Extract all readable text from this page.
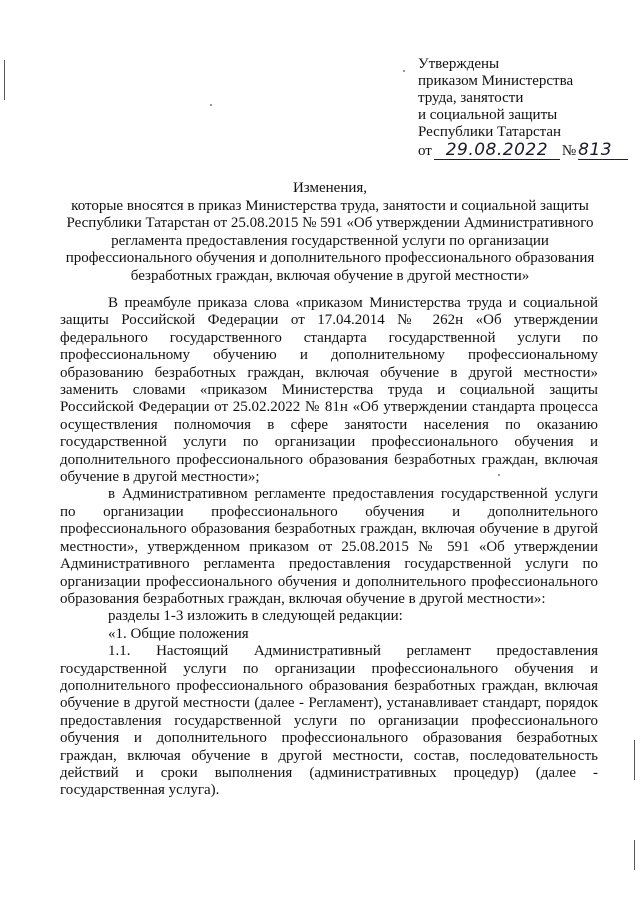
Утверждены
приказом Министерства
труда, занятости
и социальной защиты
Республики Татарстан
от 29.08.2022 № 813
Изменения,
которые вносятся в приказ Министерства труда, занятости и социальной защиты
Республики Татарстан от 25.08.2015 № 591 «Об утверждении Административного
регламента предоставления государственной услуги по организации
профессионального обучения и дополнительного профессионального образования
безработных граждан, включая обучение в другой местности»

В преамбуле приказа слова «приказом Министерства труда и социальной защиты Российской Федерации от 17.04.2014 № 262н «Об утверждении федерального государственного стандарта государственной услуги по профессиональному обучению и дополнительному профессиональному образованию безработных граждан, включая обучение в другой местности» заменить словами «приказом Министерства труда и социальной защиты Российской Федерации от 25.02.2022 № 81н «Об утверждении стандарта процесса осуществления полномочия в сфере занятости населения по оказанию государственной услуги по организации профессионального обучения и дополнительного профессионального образования безработных граждан, включая обучение в другой местности»;

в Административном регламенте предоставления государственной услуги по организации профессионального обучения и дополнительного профессионального образования безработных граждан, включая обучение в другой местности», утвержденном приказом от 25.08.2015 № 591 «Об утверждении Административного регламента предоставления государственной услуги по организации профессионального обучения и дополнительного профессионального образования безработных граждан, включая обучение в другой местности»:

разделы 1-3 изложить в следующей редакции:

«1. Общие положения

1.1. Настоящий Административный регламент предоставления государственной услуги по организации профессионального обучения и дополнительного профессионального образования безработных граждан, включая обучение в другой местности (далее - Регламент), устанавливает стандарт, порядок предоставления государственной услуги по организации профессионального обучения и дополнительного профессионального образования безработных граждан, включая обучение в другой местности, состав, последовательность действий и сроки выполнения (административных процедур) (далее - государственная услуга).
